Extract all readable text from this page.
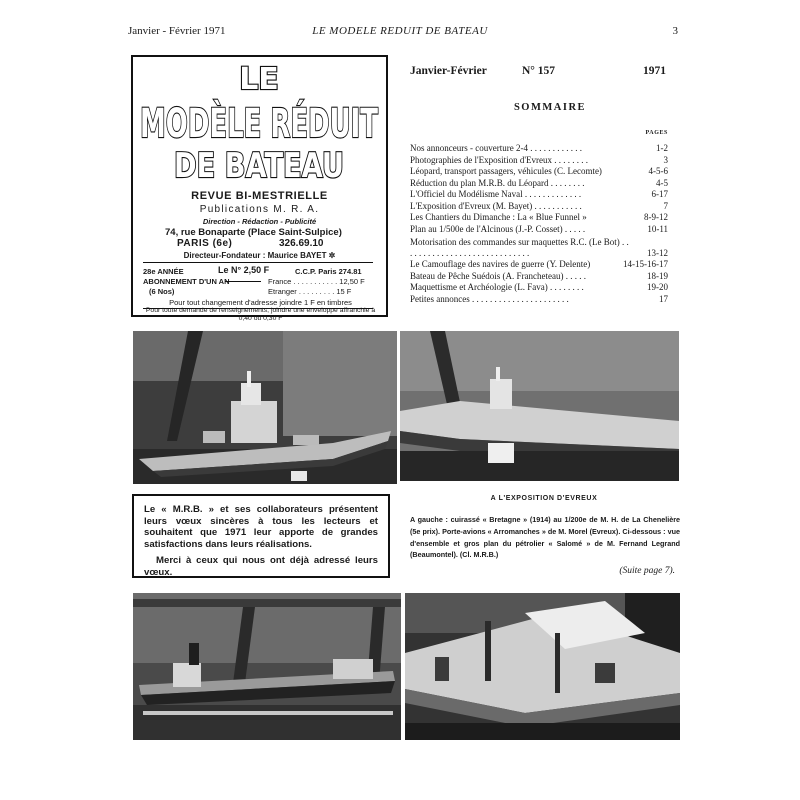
Janvier - Février 1971	LE MODELE REDUIT DE BATEAU	3
LE
MODÈLE RÉDUIT
DE BATEAU
REVUE BI-MESTRIELLE
Publications M. R. A.
Direction - Rédaction - Publicité
74, rue Bonaparte (Place Saint-Sulpice)
PARIS (6e)	326.69.10
Directeur-Fondateur : Maurice BAYET ✲
28e ANNÉE	Le N° 2,50 F	C.C.P. Paris 274.81
ABONNEMENT D'UN AN
(6 Nos)
France . . . . . . . . . . . 12,50 F
Etranger . . . . . . . . . 15 F
Pour tout changement d'adresse joindre 1 F en timbres
Pour toute demande de renseignements, joindre une enveloppe affranchie à 0,40 ou 0,30 F
Janvier-Février	N° 157	1971
SOMMAIRE
PAGES
Nos annonceurs - couverture 2-4 . . . . . . . . . . . .	1-2
Photographies de l'Exposition d'Evreux . . . . . . . .	3
Léopard, transport passagers, véhicules (C. Lecomte)	4-5-6
Réduction du plan M.R.B. du Léopard . . . . . . . .	4-5
L'Officiel du Modélisme Naval . . . . . . . . . . . . .	6-17
L'Exposition d'Evreux (M. Bayet) . . . . . . . . . . .	7
Les Chantiers du Dimanche : La « Blue Funnel »	8-9-12
Plan au 1/500e de l'Alcinous (J.-P. Cosset) . . . . .	10-11
Motorisation des commandes sur maquettes R.C. (Le Bot) . . . . . . . . . . . . . . . . . . . . . . . . . . . . .	13-12
Le Camouflage des navires de guerre (Y. Delente)	14-15-16-17
Bateau de Pêche Suédois (A. Francheteau) . . . . .	18-19
Maquettisme et Archéologie (L. Fava) . . . . . . . .	19-20
Petites annonces . . . . . . . . . . . . . . . . . . . . . .	17

Le « M.R.B. » et ses collaborateurs présentent leurs vœux sincères à tous les lecteurs et souhaitent que 1971 leur apporte de grandes satisfactions dans leurs réalisations.

Merci à ceux qui nous ont déjà adressé leurs vœux.

A L'EXPOSITION D'EVREUX
A gauche : cuirassé « Bretagne » (1914) au 1/200e de M. H. de La Chenelière (5e prix). Porte-avions « Arromanches » de M. Morel (Evreux). Ci-dessous : vue d'ensemble et gros plan du pétrolier « Salomé » de M. Fernand Legrand (Beaumontel). (Cl. M.R.B.)
(Suite page 7).
